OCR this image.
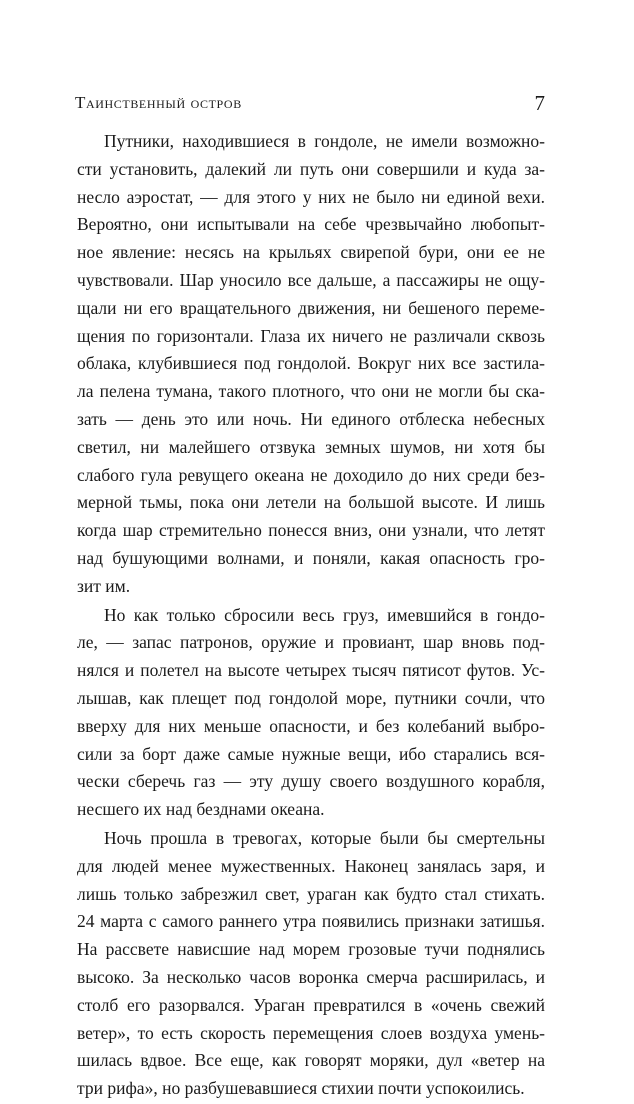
Таинственный остров	7
Путники, находившиеся в гондоле, не имели возможно-
сти установить, далекий ли путь они совершили и куда за-
несло аэростат, — для этого у них не было ни единой вехи.
Вероятно, они испытывали на себе чрезвычайно любопыт-
ное явление: несясь на крыльях свирепой бури, они ее не
чувствовали. Шар уносило все дальше, а пассажиры не ощу-
щали ни его вращательного движения, ни бешеного переме-
щения по горизонтали. Глаза их ничего не различали сквозь
облака, клубившиеся под гондолой. Вокруг них все застила-
ла пелена тумана, такого плотного, что они не могли бы ска-
зать — день это или ночь. Ни единого отблеска небесных
светил, ни малейшего отзвука земных шумов, ни хотя бы
слабого гула ревущего океана не доходило до них среди без-
мерной тьмы, пока они летели на большой высоте. И лишь
когда шар стремительно понесся вниз, они узнали, что летят
над бушующими волнами, и поняли, какая опасность гро-
зит им.
Но как только сбросили весь груз, имевшийся в гондо-
ле, — запас патронов, оружие и провиант, шар вновь под-
нялся и полетел на высоте четырех тысяч пятисот футов. Ус-
лышав, как плещет под гондолой море, путники сочли, что
вверху для них меньше опасности, и без колебаний выбро-
сили за борт даже самые нужные вещи, ибо старались вся-
чески сберечь газ — эту душу своего воздушного корабля,
несшего их над безднами океана.
Ночь прошла в тревогах, которые были бы смертельны
для людей менее мужественных. Наконец занялась заря, и
лишь только забрезжил свет, ураган как будто стал стихать.
24 марта с самого раннего утра появились признаки затишья.
На рассвете нависшие над морем грозовые тучи поднялись
высоко. За несколько часов воронка смерча расширилась, и
столб его разорвался. Ураган превратился в «очень свежий
ветер», то есть скорость перемещения слоев воздуха умень-
шилась вдвое. Все еще, как говорят моряки, дул «ветер на
три рифа», но разбушевавшиеся стихии почти успокоились.
